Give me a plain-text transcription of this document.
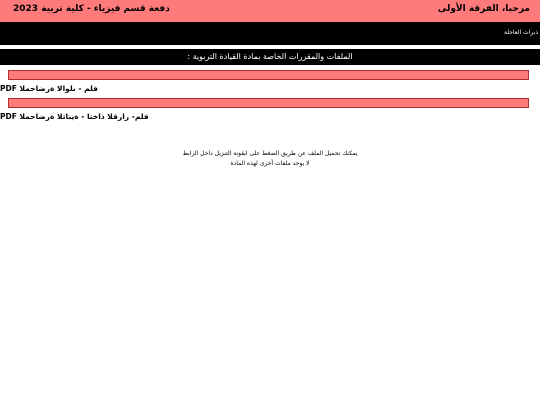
دفعة قسم فيزياء - كلية تربية 2023	مرحبا، الفرقة الأولى
ذبرات العاجلة
الملفات والمقررات الخاصة بمادة القيادة التربوية :
PDF المحاضرة الاولى - ملف
PDF المحاضرة الثانية - اتخاذ القرار -ملف
يمكنك تحميل الملف عن طريق الضغط على ايقونة التنزيل داخل الرابط
لا يوجد ملفات أخرى لهذه المادة
